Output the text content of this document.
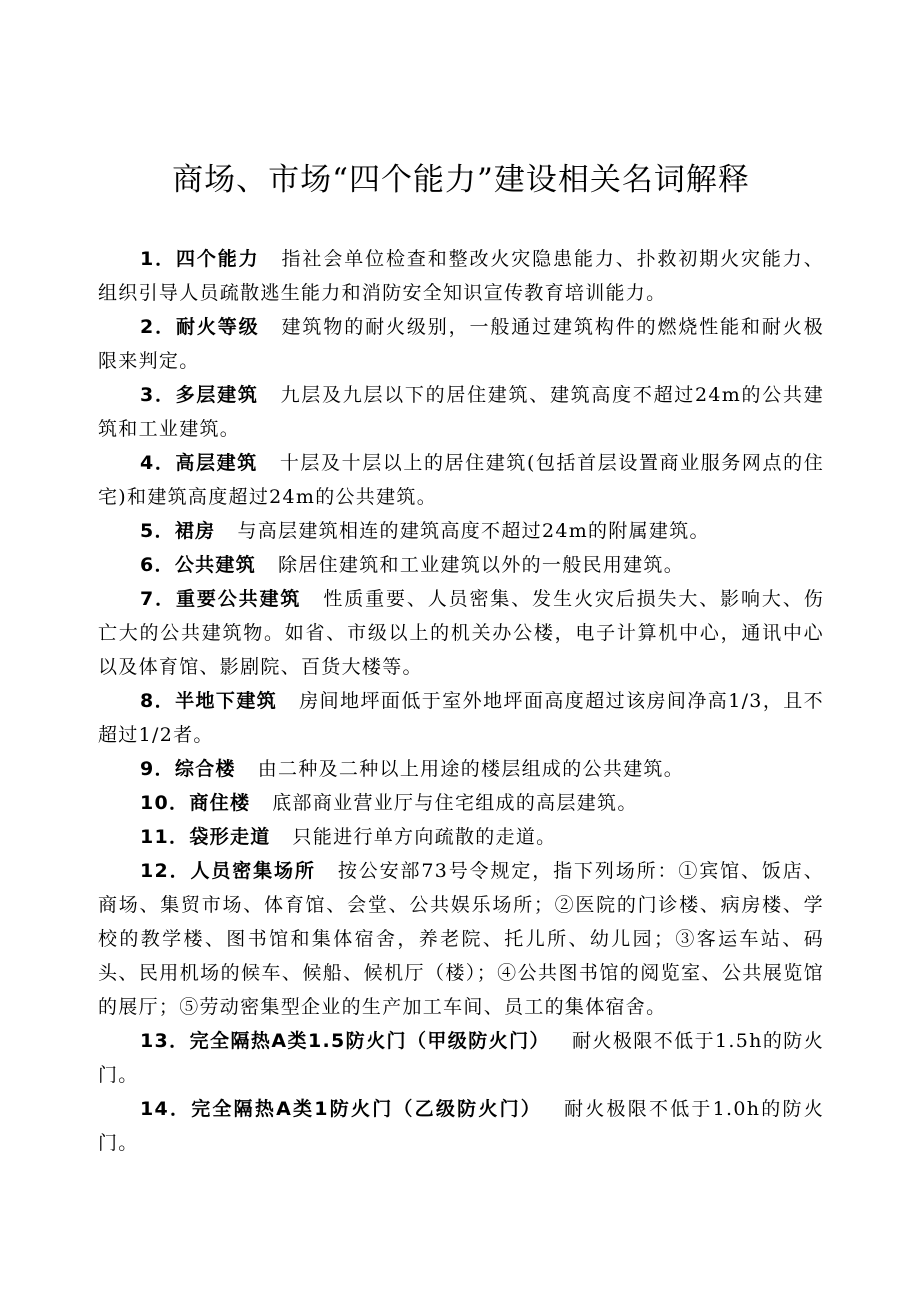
商场、市场“四个能力”建设相关名词解释

1．四个能力 指社会单位检查和整改火灾隐患能力、扑救初期火灾能力、组织引导人员疏散逃生能力和消防安全知识宣传教育培训能力。

2．耐火等级 建筑物的耐火级别，一般通过建筑构件的燃烧性能和耐火极限来判定。

3．多层建筑 九层及九层以下的居住建筑、建筑高度不超过24m的公共建筑和工业建筑。

4．高层建筑 十层及十层以上的居住建筑(包括首层设置商业服务网点的住宅)和建筑高度超过24m的公共建筑。

5．裙房 与高层建筑相连的建筑高度不超过24m的附属建筑。

6．公共建筑 除居住建筑和工业建筑以外的一般民用建筑。

7．重要公共建筑 性质重要、人员密集、发生火灾后损失大、影响大、伤亡大的公共建筑物。如省、市级以上的机关办公楼，电子计算机中心，通讯中心以及体育馆、影剧院、百货大楼等。

8．半地下建筑 房间地坪面低于室外地坪面高度超过该房间净高1/3，且不超过1/2者。

9．综合楼 由二种及二种以上用途的楼层组成的公共建筑。

10．商住楼 底部商业营业厅与住宅组成的高层建筑。

11．袋形走道 只能进行单方向疏散的走道。

12．人员密集场所 按公安部73号令规定，指下列场所：①宾馆、饭店、商场、集贸市场、体育馆、会堂、公共娱乐场所；②医院的门诊楼、病房楼、学校的教学楼、图书馆和集体宿舍，养老院、托儿所、幼儿园；③客运车站、码头、民用机场的候车、候船、候机厅（楼）；④公共图书馆的阅览室、公共展览馆的展厅；⑤劳动密集型企业的生产加工车间、员工的集体宿舍。

13．完全隔热A类1.5防火门（甲级防火门） 耐火极限不低于1.5h的防火门。

14．完全隔热A类1防火门（乙级防火门） 耐火极限不低于1.0h的防火门。
